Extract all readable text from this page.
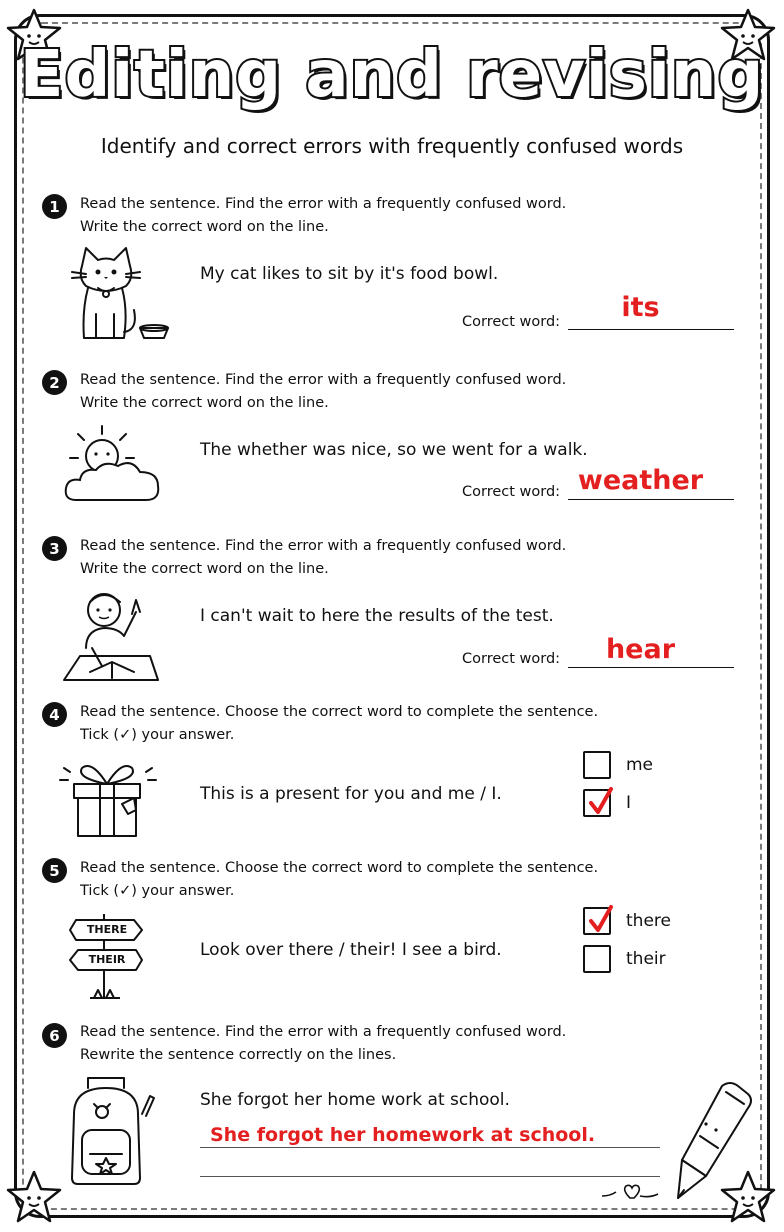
Editing and revising
Identify and correct errors with frequently confused words
1	Read the sentence. Find the error with a frequently confused word.
Write the correct word on the line.
My cat likes to sit by it's food bowl.
Correct word:	its
2	Read the sentence. Find the error with a frequently confused word.
Write the correct word on the line.
The whether was nice, so we went for a walk.
Correct word: weather
3	Read the sentence. Find the error with a frequently confused word.
Write the correct word on the line.
I can't wait to here the results of the test.
Correct word:	hear
4	Read the sentence. Choose the correct word to complete the sentence.
Tick (✓) your answer.
This is a present for you and me / I.
me
I
5	Read the sentence. Choose the correct word to complete the sentence.
Tick (✓) your answer.
THERE
THEIR	Look over there / their! I see a bird.
there
their
6	Read the sentence. Find the error with a frequently confused word.
Rewrite the sentence correctly on the lines.
She forgot her home work at school.
She forgot her homework at school.
